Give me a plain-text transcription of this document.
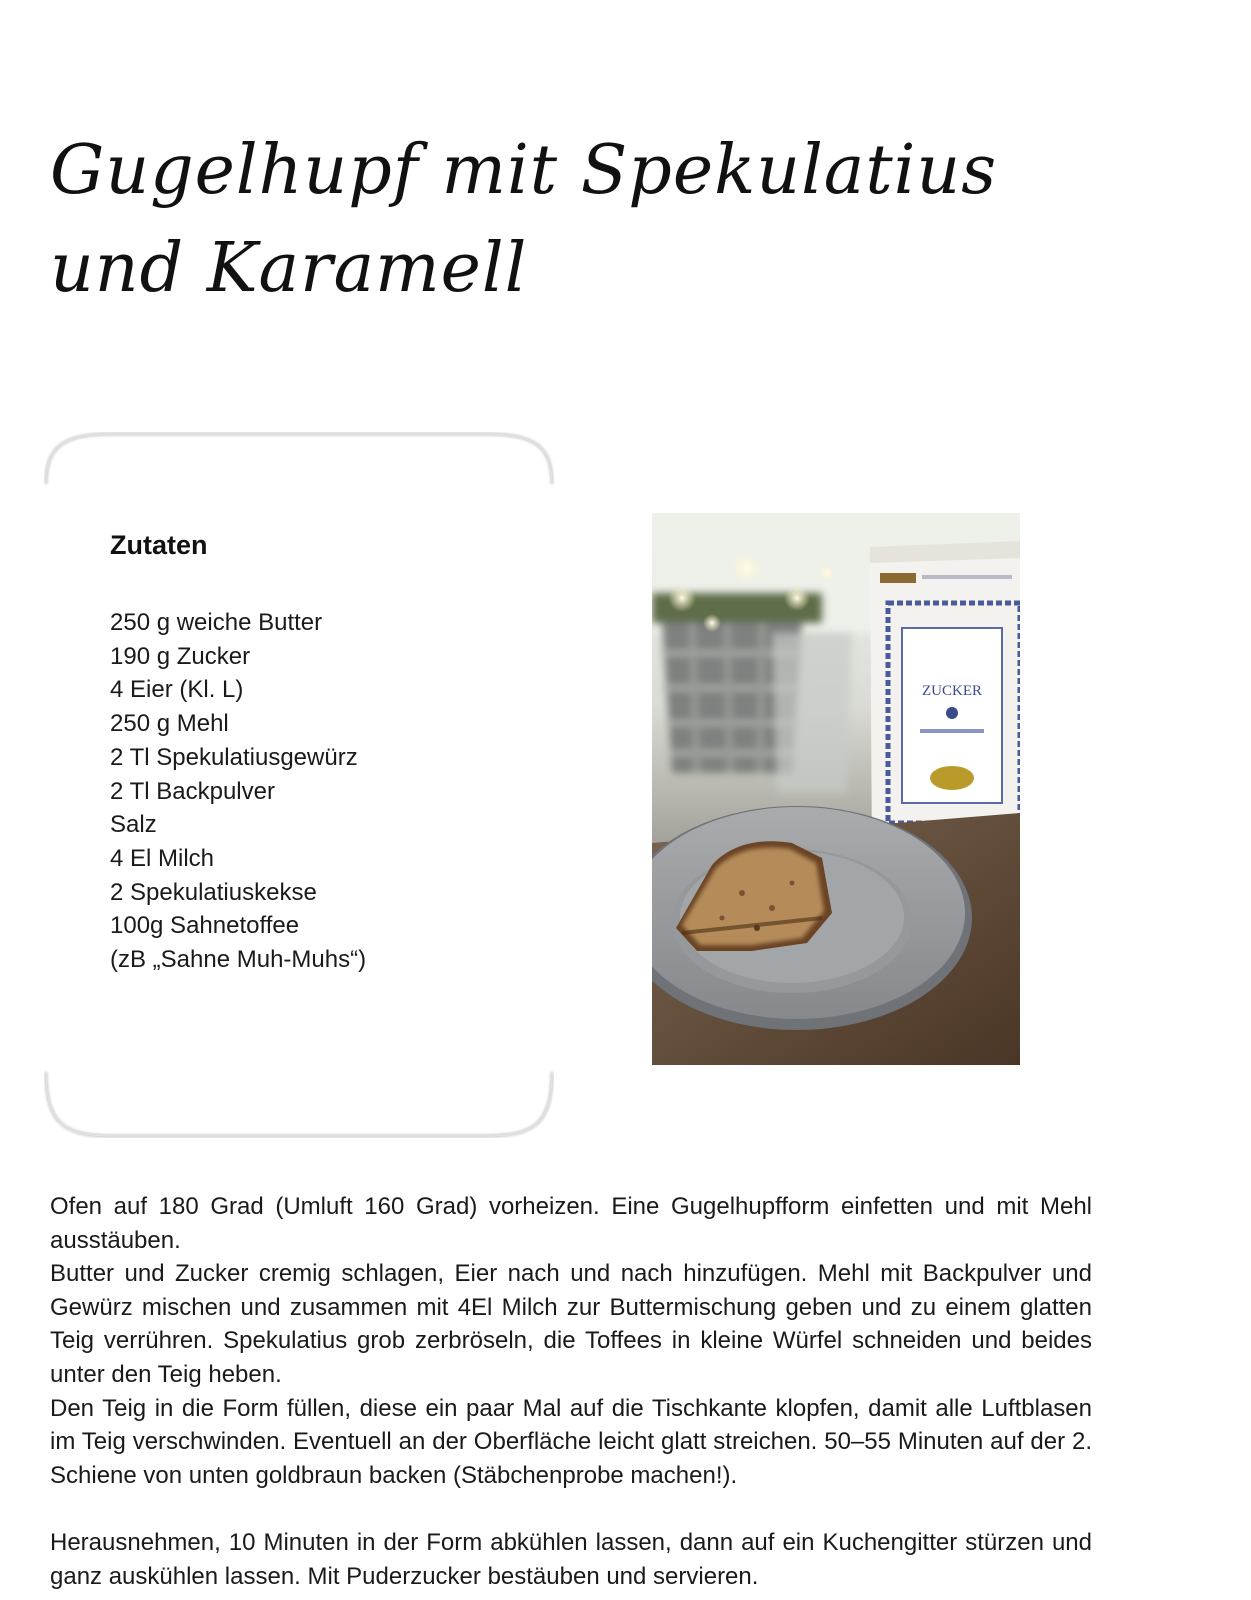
Gugelhupf mit Spekulatius
und Karamell
Zutaten
250 g weiche Butter
190 g Zucker
4 Eier (Kl. L)
250 g Mehl
2 Tl Spekulatiusgewürz
2 Tl Backpulver
Salz
4 El Milch
2 Spekulatiuskekse
100g Sahnetoffee
(zB „Sahne Muh-Muhs“)
ZUCKER

Ofen auf 180 Grad (Umluft 160 Grad) vorheizen. Eine Gugelhupfform einfetten und mit Mehl ausstäuben.

Butter und Zucker cremig schlagen, Eier nach und nach hinzufügen. Mehl mit Backpulver und Gewürz mischen und zusammen mit 4El Milch zur Buttermischung geben und zu einem glatten Teig verrühren. Spekulatius grob zerbröseln, die Toffees in kleine Würfel schneiden und beides unter den Teig heben.

Den Teig in die Form füllen, diese ein paar Mal auf die Tischkante klopfen, damit alle Luftblasen im Teig verschwinden. Eventuell an der Oberfläche leicht glatt streichen. 50–55 Minuten auf der 2. Schiene von unten goldbraun backen (Stäbchenprobe machen!).

Herausnehmen, 10 Minuten in der Form abkühlen lassen, dann auf ein Kuchengitter stürzen und ganz auskühlen lassen. Mit Puderzucker bestäuben und servieren.
